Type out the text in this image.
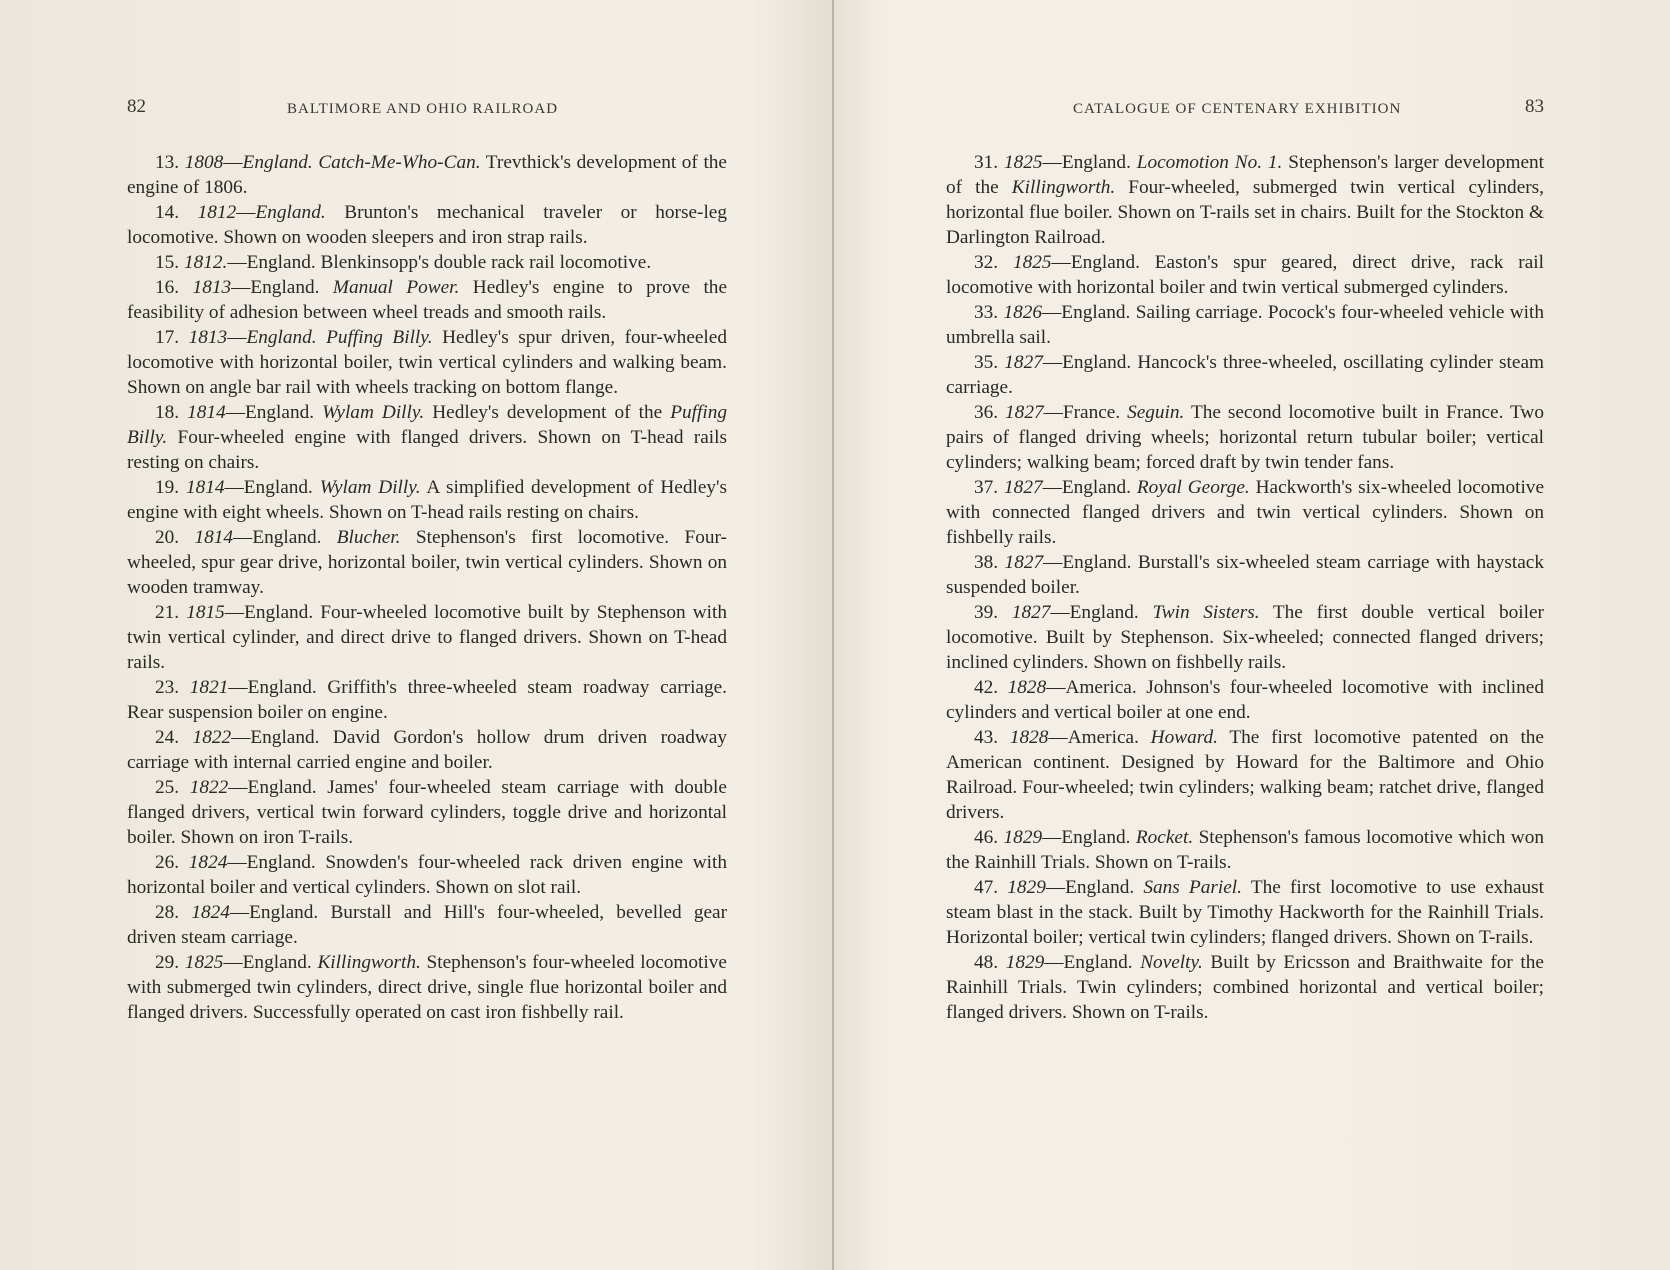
82	BALTIMORE AND OHIO RAILROAD

13. 1808—England. Catch-Me-Who-Can. Trevthick's development of the engine of 1806.

14. 1812—England. Brunton's mechanical traveler or horse-leg locomotive. Shown on wooden sleepers and iron strap rails.

15. 1812.—England. Blenkinsopp's double rack rail locomotive.

16. 1813—England. Manual Power. Hedley's engine to prove the feasibility of adhesion between wheel treads and smooth rails.

17. 1813—England. Puffing Billy. Hedley's spur driven, four-wheeled locomotive with horizontal boiler, twin vertical cylinders and walking beam. Shown on angle bar rail with wheels tracking on bottom flange.

18. 1814—England. Wylam Dilly. Hedley's development of the Puffing Billy. Four-wheeled engine with flanged drivers. Shown on T-head rails resting on chairs.

19. 1814—England. Wylam Dilly. A simplified development of Hedley's engine with eight wheels. Shown on T-head rails resting on chairs.

20. 1814—England. Blucher. Stephenson's first locomotive. Four-wheeled, spur gear drive, horizontal boiler, twin vertical cylinders. Shown on wooden tramway.

21. 1815—England. Four-wheeled locomotive built by Stephenson with twin vertical cylinder, and direct drive to flanged drivers. Shown on T-head rails.

23. 1821—England. Griffith's three-wheeled steam roadway carriage. Rear suspension boiler on engine.

24. 1822—England. David Gordon's hollow drum driven roadway carriage with internal carried engine and boiler.

25. 1822—England. James' four-wheeled steam carriage with double flanged drivers, vertical twin forward cylinders, toggle drive and horizontal boiler. Shown on iron T-rails.

26. 1824—England. Snowden's four-wheeled rack driven engine with horizontal boiler and vertical cylinders. Shown on slot rail.

28. 1824—England. Burstall and Hill's four-wheeled, bevelled gear driven steam carriage.

29. 1825—England. Killingworth. Stephenson's four-wheeled locomotive with submerged twin cylinders, direct drive, single flue horizontal boiler and flanged drivers. Successfully operated on cast iron fishbelly rail.

CATALOGUE OF CENTENARY EXHIBITION	83

31. 1825—England. Locomotion No. 1. Stephenson's larger development of the Killingworth. Four-wheeled, submerged twin vertical cylinders, horizontal flue boiler. Shown on T-rails set in chairs. Built for the Stockton & Darlington Railroad.

32. 1825—England. Easton's spur geared, direct drive, rack rail locomotive with horizontal boiler and twin vertical submerged cylinders.

33. 1826—England. Sailing carriage. Pocock's four-wheeled vehicle with umbrella sail.

35. 1827—England. Hancock's three-wheeled, oscillating cylinder steam carriage.

36. 1827—France. Seguin. The second locomotive built in France. Two pairs of flanged driving wheels; horizontal return tubular boiler; vertical cylinders; walking beam; forced draft by twin tender fans.

37. 1827—England. Royal George. Hackworth's six-wheeled locomotive with connected flanged drivers and twin vertical cylinders. Shown on fishbelly rails.

38. 1827—England. Burstall's six-wheeled steam carriage with haystack suspended boiler.

39. 1827—England. Twin Sisters. The first double vertical boiler locomotive. Built by Stephenson. Six-wheeled; connected flanged drivers; inclined cylinders. Shown on fishbelly rails.

42. 1828—America. Johnson's four-wheeled locomotive with inclined cylinders and vertical boiler at one end.

43. 1828—America. Howard. The first locomotive patented on the American continent. Designed by Howard for the Baltimore and Ohio Railroad. Four-wheeled; twin cylinders; walking beam; ratchet drive, flanged drivers.

46. 1829—England. Rocket. Stephenson's famous locomotive which won the Rainhill Trials. Shown on T-rails.

47. 1829—England. Sans Pariel. The first locomotive to use exhaust steam blast in the stack. Built by Timothy Hackworth for the Rainhill Trials. Horizontal boiler; vertical twin cylinders; flanged drivers. Shown on T-rails.

48. 1829—England. Novelty. Built by Ericsson and Braithwaite for the Rainhill Trials. Twin cylinders; combined horizontal and vertical boiler; flanged drivers. Shown on T-rails.
